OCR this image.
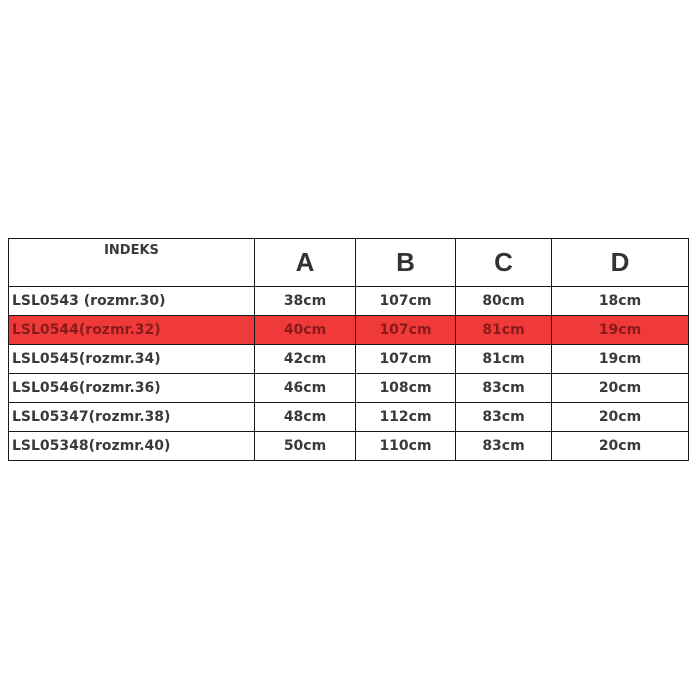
INDEKS	A	B	C	D
LSL0543 (rozmr.30)	38cm	107cm	80cm	18cm
LSL0544(rozmr.32)	40cm	107cm	81cm	19cm
LSL0545(rozmr.34)	42cm	107cm	81cm	19cm
LSL0546(rozmr.36)	46cm	108cm	83cm	20cm
LSL05347(rozmr.38)	48cm	112cm	83cm	20cm
LSL05348(rozmr.40)	50cm	110cm	83cm	20cm
